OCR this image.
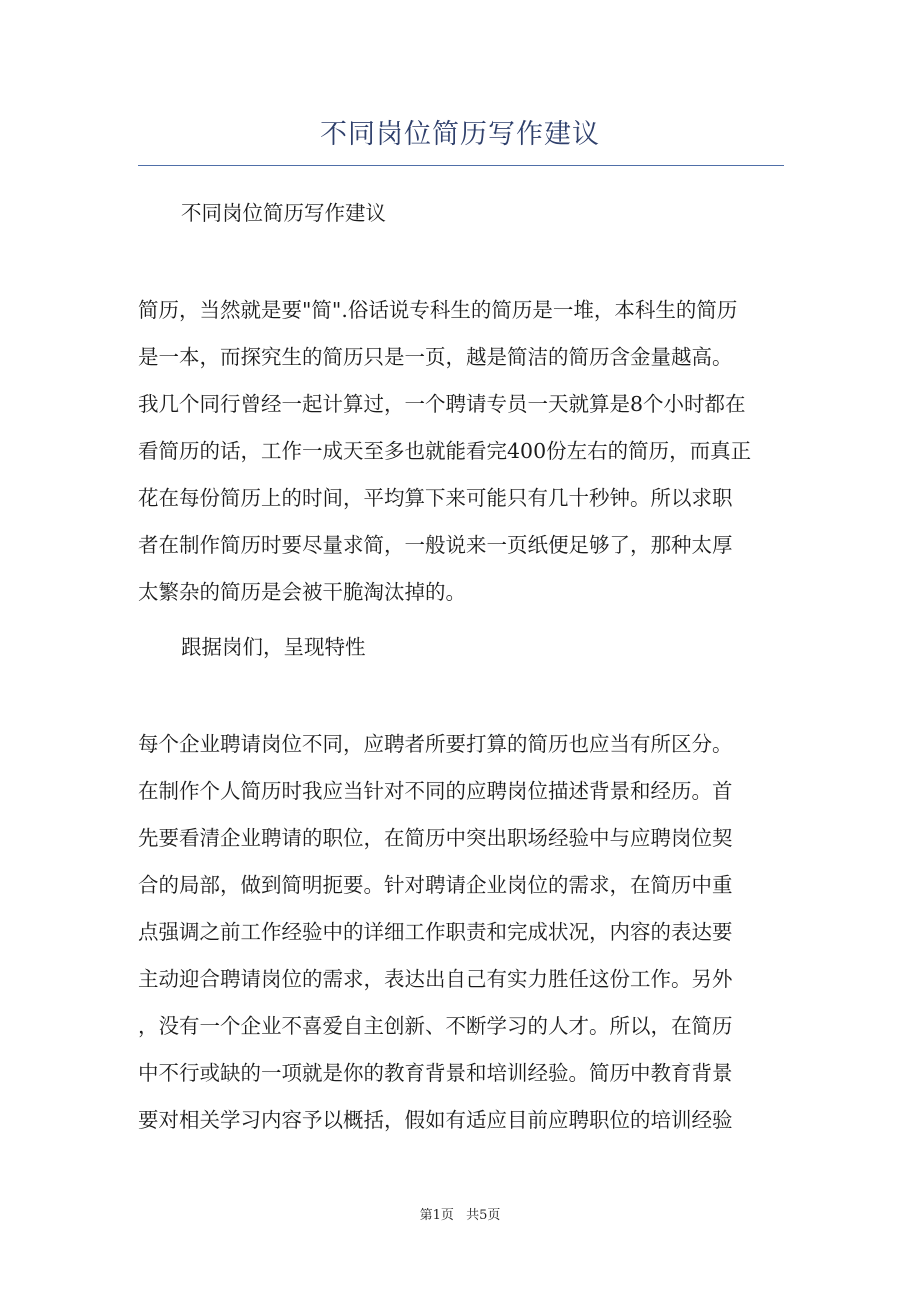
不同岗位简历写作建议
不同岗位简历写作建议
简历，当然就是要"简".俗话说专科生的简历是一堆，本科生的简历
是一本，而探究生的简历只是一页，越是简洁的简历含金量越高。
我几个同行曾经一起计算过，一个聘请专员一天就算是8个小时都在
看简历的话，工作一成天至多也就能看完400份左右的简历，而真正
花在每份简历上的时间，平均算下来可能只有几十秒钟。所以求职
者在制作简历时要尽量求简，一般说来一页纸便足够了，那种太厚
太繁杂的简历是会被干脆淘汰掉的。
跟据岗们，呈现特性
每个企业聘请岗位不同，应聘者所要打算的简历也应当有所区分。
在制作个人简历时我应当针对不同的应聘岗位描述背景和经历。首
先要看清企业聘请的职位，在简历中突出职场经验中与应聘岗位契
合的局部，做到简明扼要。针对聘请企业岗位的需求，在简历中重
点强调之前工作经验中的详细工作职责和完成状况，内容的表达要
主动迎合聘请岗位的需求，表达出自己有实力胜任这份工作。另外
，没有一个企业不喜爱自主创新、不断学习的人才。所以，在简历
中不行或缺的一项就是你的教育背景和培训经验。简历中教育背景
要对相关学习内容予以概括，假如有适应目前应聘职位的培训经验
第1页 共5页
